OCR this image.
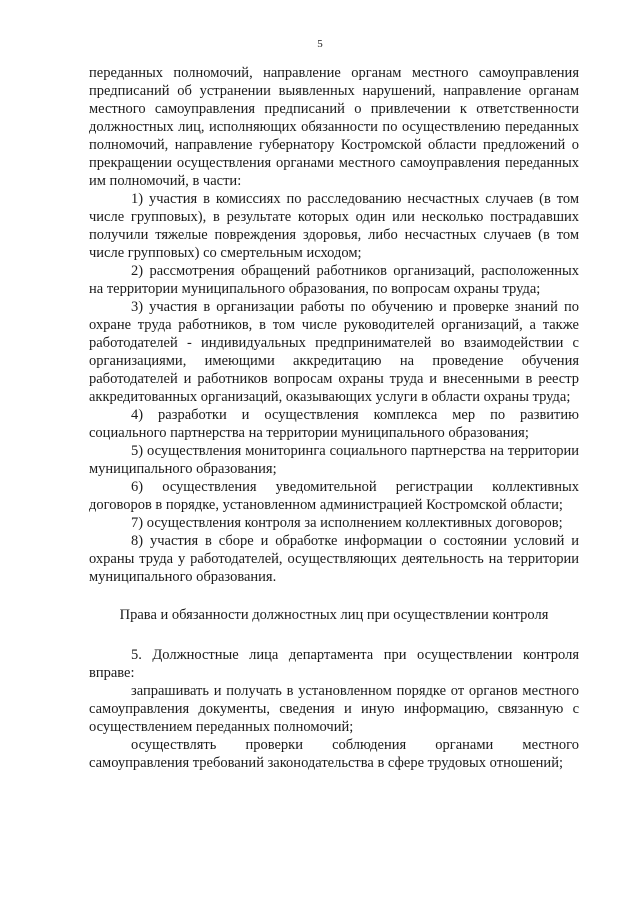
5

переданных полномочий, направление органам местного самоуправления предписаний об устранении выявленных нарушений, направление органам местного самоуправления предписаний о привлечении к ответственности должностных лиц, исполняющих обязанности по осуществлению переданных полномочий, направление губернатору Костромской области предложений о прекращении осуществления органами местного самоуправления переданных им полномочий, в части:

1) участия в комиссиях по расследованию несчастных случаев (в том числе групповых), в результате которых один или несколько пострадавших получили тяжелые повреждения здоровья, либо несчастных случаев (в том числе групповых) со смертельным исходом;

2) рассмотрения обращений работников организаций, расположенных на территории муниципального образования, по вопросам охраны труда;

3) участия в организации работы по обучению и проверке знаний по охране труда работников, в том числе руководителей организаций, а также работодателей - индивидуальных предпринимателей во взаимодействии с организациями, имеющими аккредитацию на проведение обучения работодателей и работников вопросам охраны труда и внесенными в реестр аккредитованных организаций, оказывающих услуги в области охраны труда;

4) разработки и осуществления комплекса мер по развитию социального партнерства на территории муниципального образования;

5) осуществления мониторинга социального партнерства на территории муниципального образования;

6) осуществления уведомительной регистрации коллективных договоров в порядке, установленном администрацией Костромской области;

7) осуществления контроля за исполнением коллективных договоров;

8) участия в сборе и обработке информации о состоянии условий и охраны труда у работодателей, осуществляющих деятельность на территории муниципального образования.

Права и обязанности должностных лиц при осуществлении контроля

5. Должностные лица департамента при осуществлении контроля вправе:

запрашивать и получать в установленном порядке от органов местного самоуправления документы, сведения и иную информацию, связанную с осуществлением переданных полномочий;

осуществлять проверки соблюдения органами местного самоуправления требований законодательства в сфере трудовых отношений;
